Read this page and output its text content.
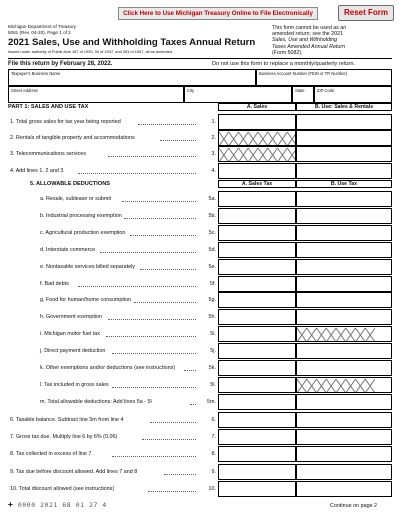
Click Here to Use Michigan Treasury Online to File Electronically	Reset Form
Michigan Department of Treasury
5081 (Rev. 04-20), Page 1 of 2
2021 Sales, Use and Withholding Taxes Annual Return
Issued under authority of Public Acts 167 of 1933, 94 of 1937, and 281 of 1967, all as amended.
This form cannot be used as an
amended return; see the 2021
Sales, Use and Withholding
Taxes Amended Annual Return
(Form 5082).
File this return by February 28, 2022.	Do not use this form to replace a monthly/quarterly return.
Taxpayer's Business Name	Business Account Number (FEIN or TR Number)
Street Address	City	State	ZIP Code
PART 1: SALES AND USE TAX	A. Sales	B. Use: Sales & Rentals
1. Total gross sales for tax year being reported	1.
2. Rentals of tangible property and accommodations	2.
3. Telecommunications services	3.
4. Add lines 1, 2 and 3	4.
5. ALLOWABLE DEDUCTIONS	A. Sales Tax	B. Use Tax
a. Resale, sublease or submit	5a.
b. Industrial processing exemption	5b.
c. Agricultural production exemption	5c.
d. Interstate commerce	5d.
e. Nontaxable services billed separately	5e.
f. Bad debts	5f.
g. Food for human/home consumption	5g.
h. Government exemption	5h.
i. Michigan motor fuel tax	5i.
j. Direct payment deduction	5j.
k. Other exemptions and/or deductions (see instructions)	5k.
l. Tax included in gross sales	5l.
m. Total allowable deductions: Add lines 5a - 5l	5m.
6. Taxable balance. Subtract line 5m from line 4	6.
7. Gross tax due. Multiply line 6 by 6% (0.06)	7.
8. Tax collected in excess of line 7	8.
9. Tax due before discount allowed. Add lines 7 and 8	9.
10. Total discount allowed (see instructions)	10.
+ 0000 2021 68 01 27 4	Continue on page 2
